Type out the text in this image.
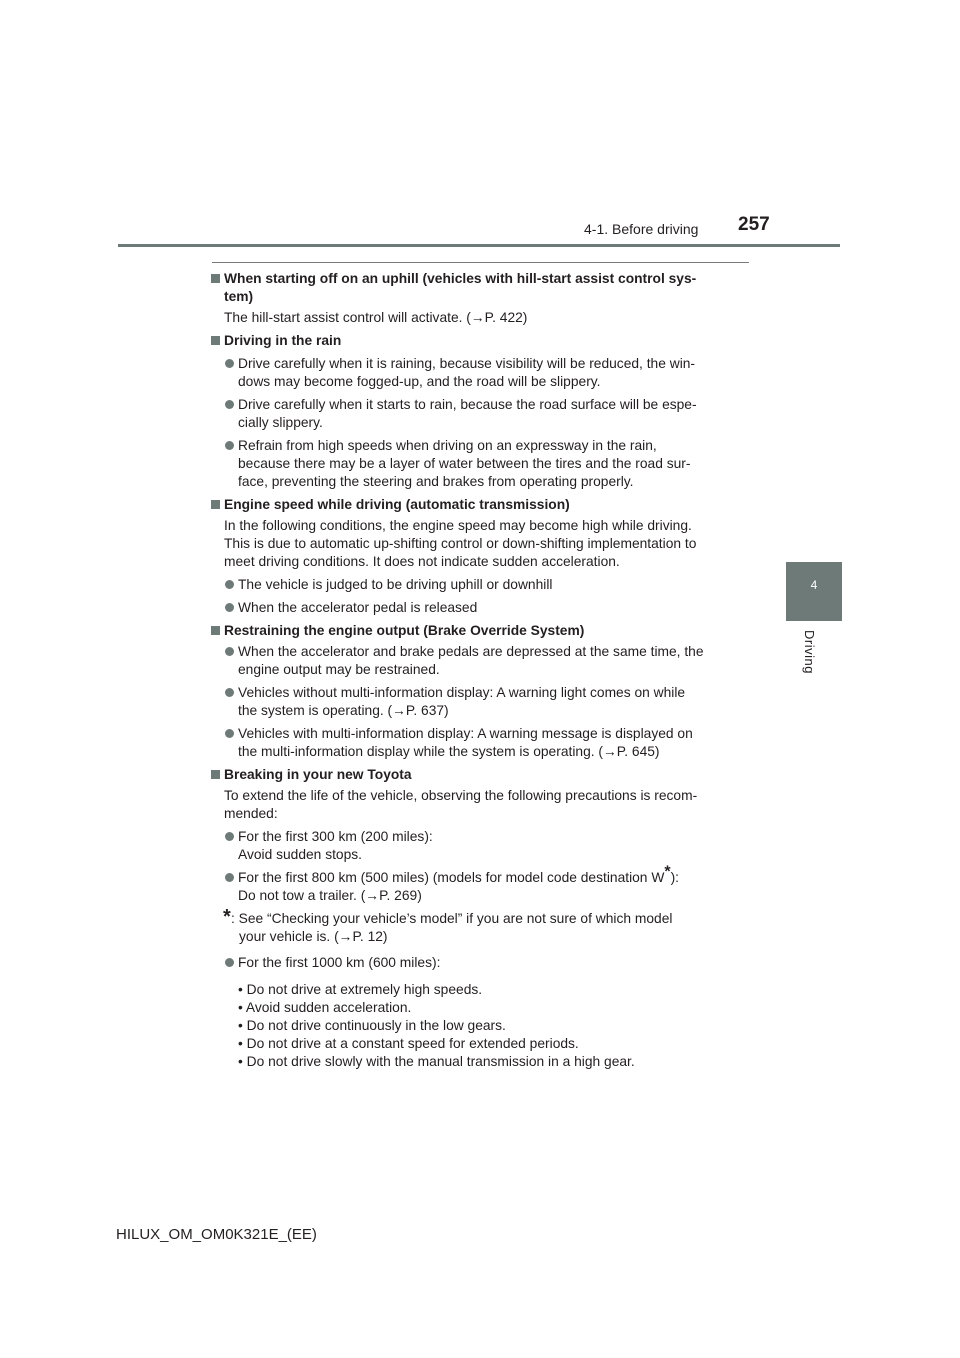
4-1. Before driving 257
4
Driving
When starting off on an uphill (vehicles with hill-start assist control sys-
tem)
The hill-start assist control will activate. (→P. 422)
Driving in the rain
Drive carefully when it is raining, because visibility will be reduced, the win-
dows may become fogged-up, and the road will be slippery.
Drive carefully when it starts to rain, because the road surface will be espe-
cially slippery.
Refrain from high speeds when driving on an expressway in the rain,
because there may be a layer of water between the tires and the road sur-
face, preventing the steering and brakes from operating properly.
Engine speed while driving (automatic transmission)
In the following conditions, the engine speed may become high while driving.
This is due to automatic up-shifting control or down-shifting implementation to
meet driving conditions. It does not indicate sudden acceleration.
The vehicle is judged to be driving uphill or downhill
When the accelerator pedal is released
Restraining the engine output (Brake Override System)
When the accelerator and brake pedals are depressed at the same time, the
engine output may be restrained.
Vehicles without multi-information display: A warning light comes on while
the system is operating. (→P. 637)
Vehicles with multi-information display: A warning message is displayed on
the multi-information display while the system is operating. (→P. 645)
Breaking in your new Toyota
To extend the life of the vehicle, observing the following precautions is recom-
mended:
For the first 300 km (200 miles):
Avoid sudden stops.
For the first 800 km (500 miles) (models for model code destination W*):
Do not tow a trailer. (→P. 269)
* : See “Checking your vehicle’s model” if you are not sure of which model
your vehicle is. (→P. 12)
For the first 1000 km (600 miles):
• Do not drive at extremely high speeds.
• Avoid sudden acceleration.
• Do not drive continuously in the low gears.
• Do not drive at a constant speed for extended periods.
• Do not drive slowly with the manual transmission in a high gear.
HILUX_OM_OM0K321E_(EE)
